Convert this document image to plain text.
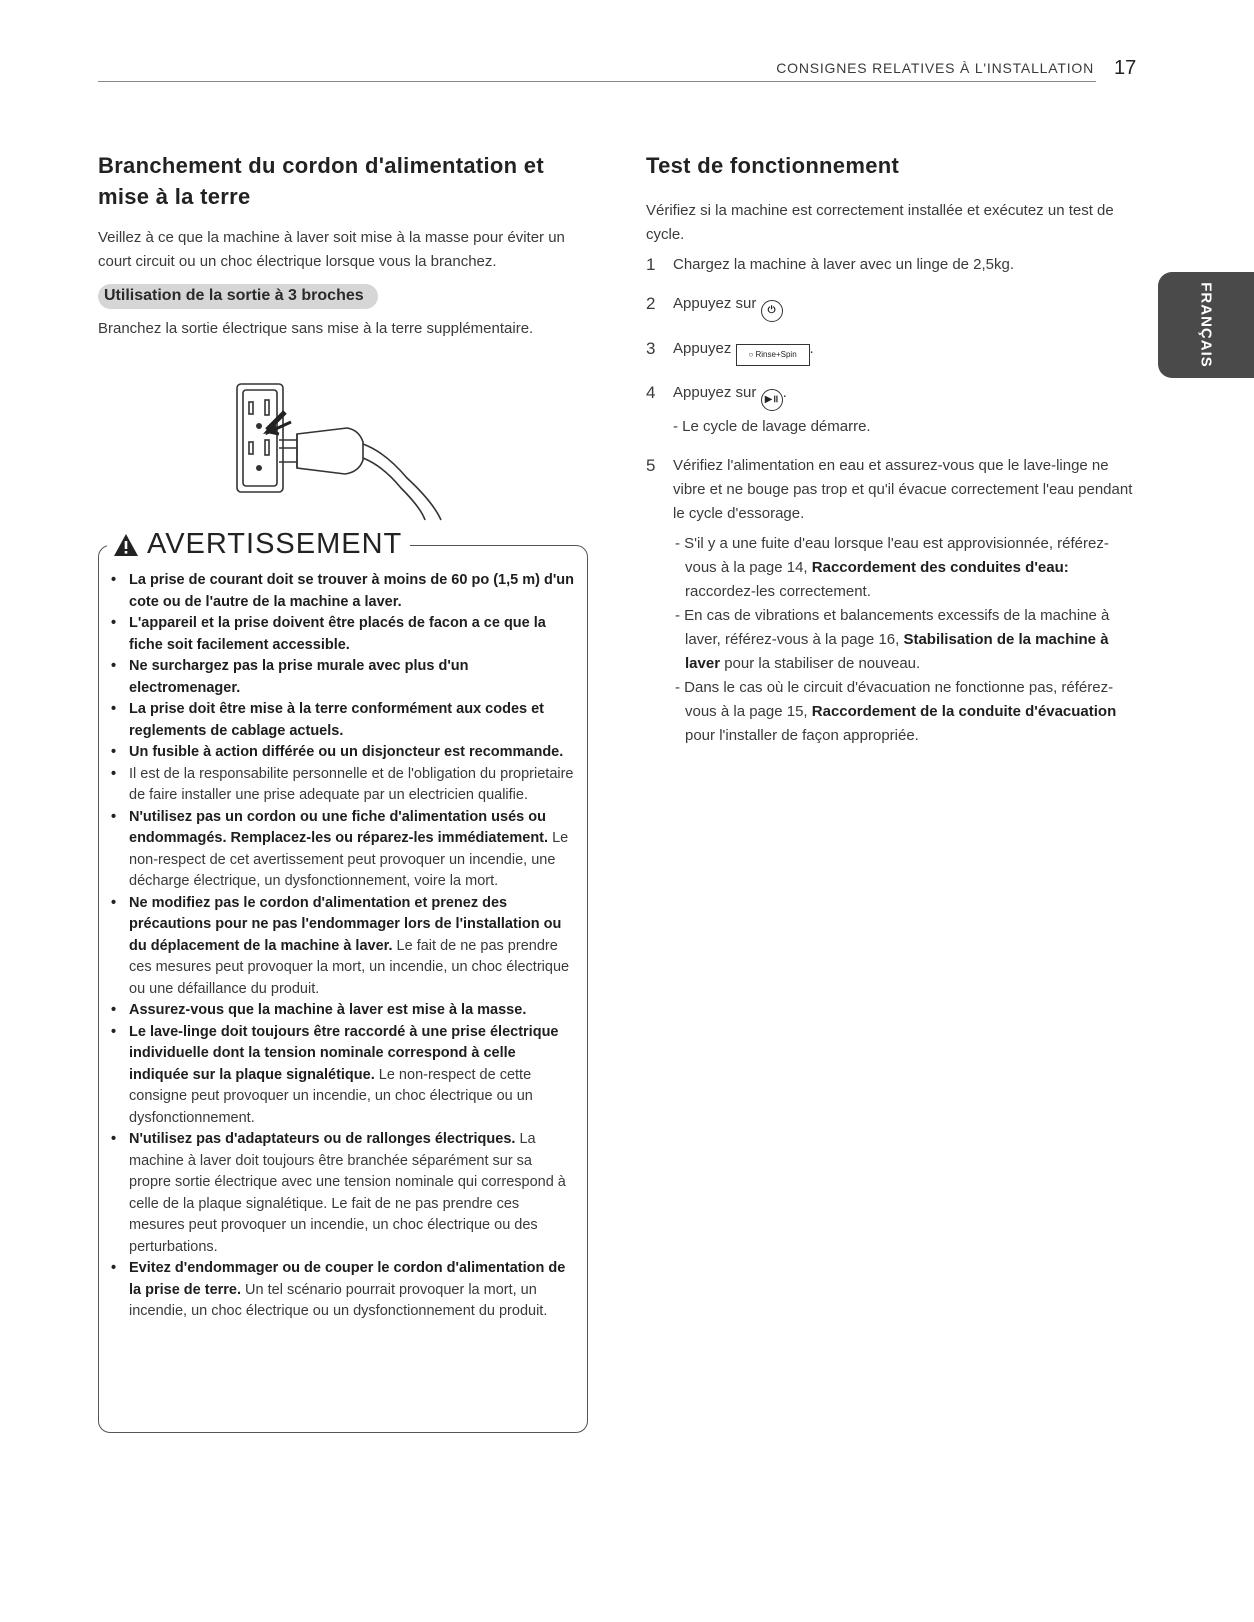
CONSIGNES RELATIVES À L'INSTALLATION 17
FRANÇAIS
Branchement du cordon d'alimentation et mise à la terre
Veillez à ce que la machine à laver soit mise à la masse pour éviter un court circuit ou un choc électrique lorsque vous la branchez.
Utilisation de la sortie à 3 broches
Branchez la sortie électrique sans mise à la terre supplémentaire.
AVERTISSEMENT
• La prise de courant doit se trouver à moins de 60 po (1,5 m) d'un cote ou de l'autre de la machine a laver.
• L'appareil et la prise doivent être placés de facon a ce que la fiche soit facilement accessible.
• Ne surchargez pas la prise murale avec plus d'un electromenager.
• La prise doit être mise à la terre conformément aux codes et reglements de cablage actuels.
• Un fusible à action différée ou un disjoncteur est recommande.
• Il est de la responsabilite personnelle et de l'obligation du proprietaire de faire installer une prise adequate par un electricien qualifie.
• N'utilisez pas un cordon ou une fiche d'alimentation usés ou endommagés. Remplacez-les ou réparez-les immédiatement. Le non-respect de cet avertissement peut provoquer un incendie, une décharge électrique, un dysfonctionnement, voire la mort.
• Ne modifiez pas le cordon d'alimentation et prenez des précautions pour ne pas l'endommager lors de l'installation ou du déplacement de la machine à laver. Le fait de ne pas prendre ces mesures peut provoquer la mort, un incendie, un choc électrique ou une défaillance du produit.
• Assurez-vous que la machine à laver est mise à la masse.
• Le lave-linge doit toujours être raccordé à une prise électrique individuelle dont la tension nominale correspond à celle indiquée sur la plaque signalétique. Le non-respect de cette consigne peut provoquer un incendie, un choc électrique ou un dysfonctionnement.
• N'utilisez pas d'adaptateurs ou de rallonges électriques. La machine à laver doit toujours être branchée séparément sur sa propre sortie électrique avec une tension nominale qui correspond à celle de la plaque signalétique. Le fait de ne pas prendre ces mesures peut provoquer un incendie, un choc électrique ou des perturbations.
• Evitez d'endommager ou de couper le cordon d'alimentation de la prise de terre. Un tel scénario pourrait provoquer la mort, un incendie, un choc électrique ou un dysfonctionnement du produit.
Test de fonctionnement
Vérifiez si la machine est correctement installée et exécutez un test de cycle.
1	Chargez la machine à laver avec un linge de 2,5kg.
2	Appuyez sur ⏻
3	Appuyez ○ Rinse+Spin .
4	Appuyez sur ▶॥ .
- Le cycle de lavage démarre.
5	Vérifiez l'alimentation en eau et assurez-vous que le lave-linge ne vibre et ne bouge pas trop et qu'il évacue correctement l'eau pendant le cycle d'essorage.
- S'il y a une fuite d'eau lorsque l'eau est approvisionnée, référez-vous à la page 14, Raccordement des conduites d'eau: raccordez-les correctement.
- En cas de vibrations et balancements excessifs de la machine à laver, référez-vous à la page 16, Stabilisation de la machine à laver pour la stabiliser de nouveau.
- Dans le cas où le circuit d'évacuation ne fonctionne pas, référez-vous à la page 15, Raccordement de la conduite d'évacuation pour l'installer de façon appropriée.
